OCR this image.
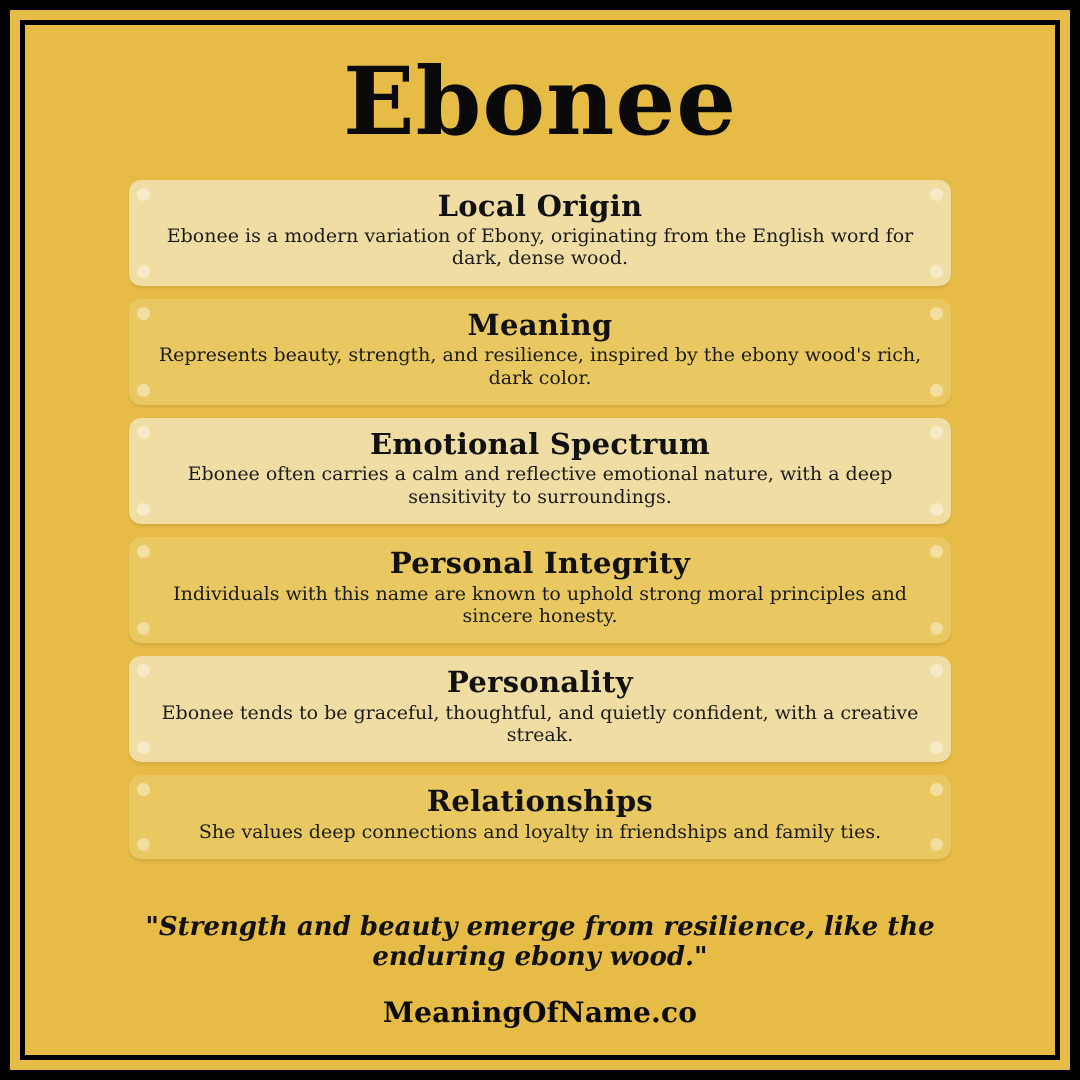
Ebonee
Local Origin
Ebonee is a modern variation of Ebony, originating from the English word for dark, dense wood.
Meaning
Represents beauty, strength, and resilience, inspired by the ebony wood's rich, dark color.
Emotional Spectrum
Ebonee often carries a calm and reflective emotional nature, with a deep sensitivity to surroundings.
Personal Integrity
Individuals with this name are known to uphold strong moral principles and sincere honesty.
Personality
Ebonee tends to be graceful, thoughtful, and quietly confident, with a creative streak.
Relationships
She values deep connections and loyalty in friendships and family ties.
"Strength and beauty emerge from resilience, like the enduring ebony wood."
MeaningOfName.co
